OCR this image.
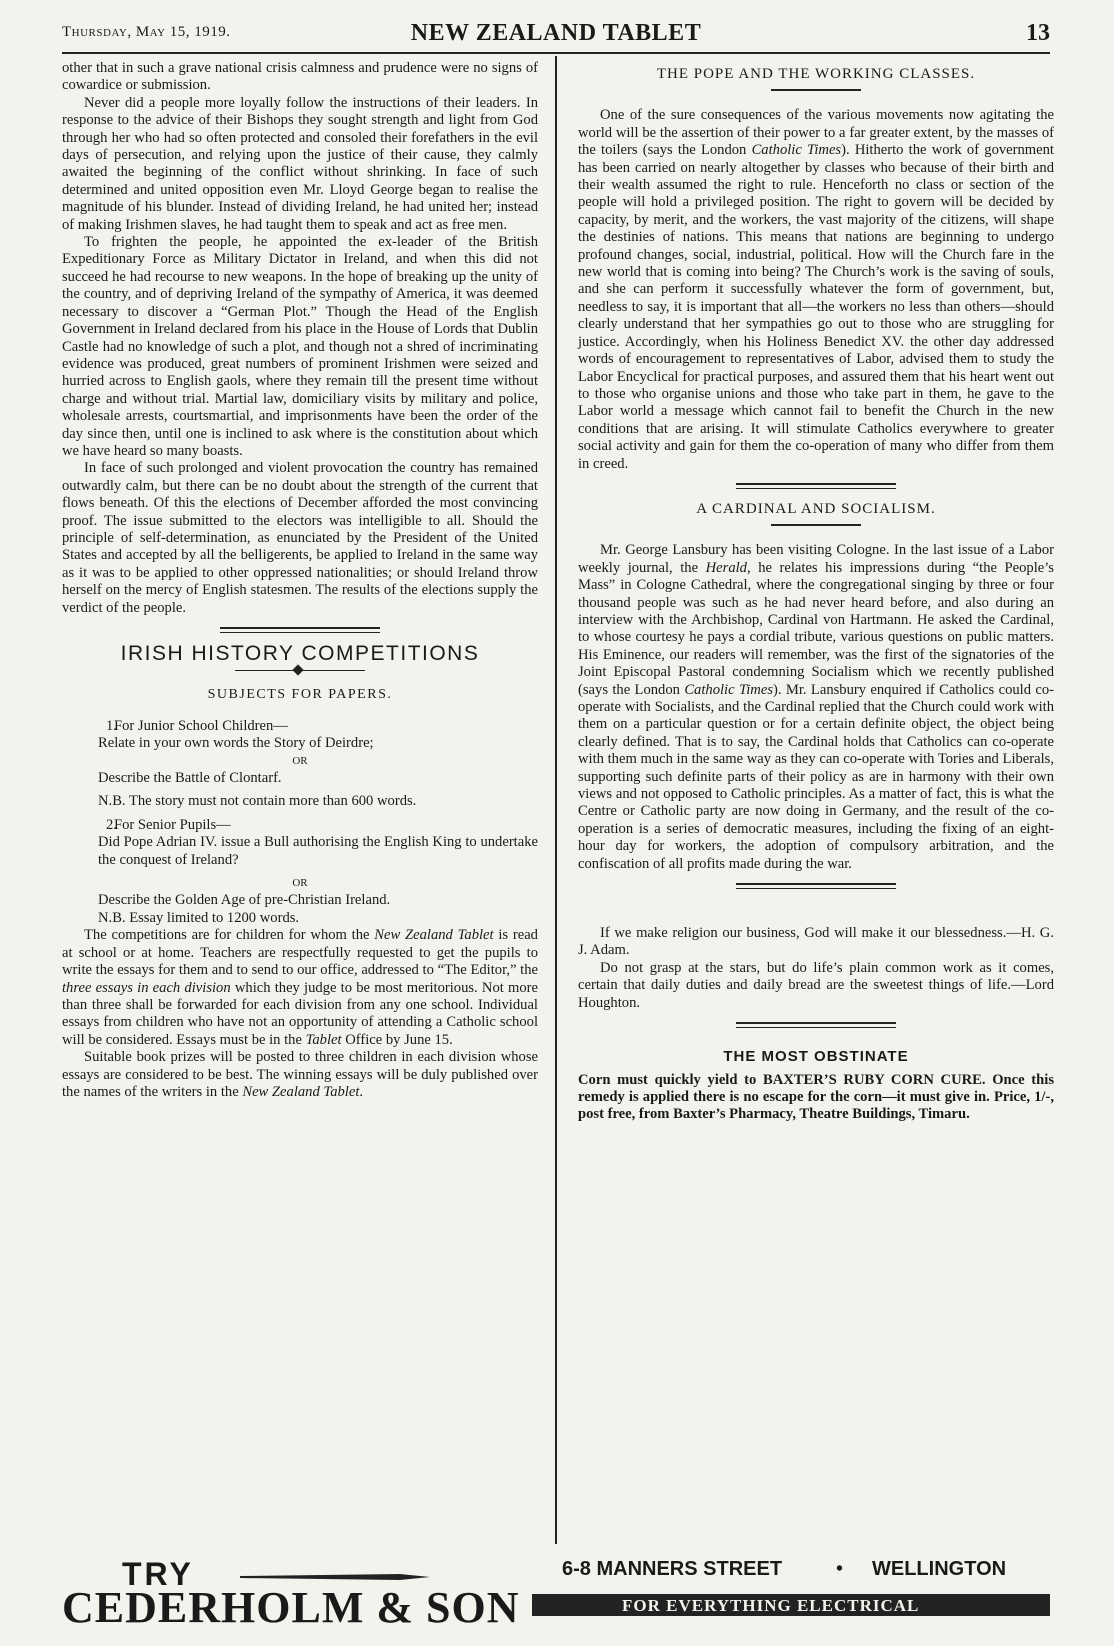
Thursday, May 15, 1919.	NEW ZEALAND TABLET	13

other that in such a grave national crisis calmness and prudence were no signs of cowardice or submission.

Never did a people more loyally follow the instructions of their leaders. In response to the advice of their Bishops they sought strength and light from God through her who had so often protected and consoled their forefathers in the evil days of persecution, and relying upon the justice of their cause, they calmly awaited the beginning of the conflict without shrinking. In face of such determined and united opposition even Mr. Lloyd George began to realise the magnitude of his blunder. Instead of dividing Ireland, he had united her; instead of making Irishmen slaves, he had taught them to speak and act as free men.

To frighten the people, he appointed the ex-leader of the British Expeditionary Force as Military Dictator in Ireland, and when this did not succeed he had recourse to new weapons. In the hope of breaking up the unity of the country, and of depriving Ireland of the sympathy of America, it was deemed necessary to discover a “German Plot.” Though the Head of the English Government in Ireland declared from his place in the House of Lords that Dublin Castle had no knowledge of such a plot, and though not a shred of incriminating evidence was produced, great numbers of prominent Irishmen were seized and hurried across to English gaols, where they remain till the present time without charge and without trial. Martial law, domiciliary visits by military and police, wholesale arrests, courtsmartial, and imprisonments have been the order of the day since then, until one is inclined to ask where is the constitution about which we have heard so many boasts.

In face of such prolonged and violent provocation the country has remained outwardly calm, but there can be no doubt about the strength of the current that flows beneath. Of this the elections of December afforded the most convincing proof. The issue submitted to the electors was intelligible to all. Should the principle of self-determination, as enunciated by the President of the United States and accepted by all the belligerents, be applied to Ireland in the same way as it was to be applied to other oppressed nationalities; or should Ireland throw herself on the mercy of English statesmen. The results of the elections supply the verdict of the people.

IRISH HISTORY COMPETITIONS
SUBJECTS FOR PAPERS.

1.For Junior School Children—

Relate in your own words the Story of Deirdre;

OR

Describe the Battle of Clontarf.

N.B. The story must not contain more than 600 words.

2.For Senior Pupils—

Did Pope Adrian IV. issue a Bull authorising the English King to undertake the conquest of Ireland?

OR

Describe the Golden Age of pre-Christian Ireland.

N.B. Essay limited to 1200 words.

The competitions are for children for whom the New Zealand Tablet is read at school or at home. Teachers are respectfully requested to get the pupils to write the essays for them and to send to our office, addressed to “The Editor,” the three essays in each division which they judge to be most meritorious. Not more than three shall be forwarded for each division from any one school. Individual essays from children who have not an opportunity of attending a Catholic school will be considered. Essays must be in the Tablet Office by June 15.

Suitable book prizes will be posted to three children in each division whose essays are considered to be best. The winning essays will be duly published over the names of the writers in the New Zealand Tablet.

THE POPE AND THE WORKING CLASSES.

One of the sure consequences of the various movements now agitating the world will be the assertion of their power to a far greater extent, by the masses of the toilers (says the London Catholic Times). Hitherto the work of government has been carried on nearly altogether by classes who because of their birth and their wealth assumed the right to rule. Henceforth no class or section of the people will hold a privileged position. The right to govern will be decided by capacity, by merit, and the workers, the vast majority of the citizens, will shape the destinies of nations. This means that nations are beginning to undergo profound changes, social, industrial, political. How will the Church fare in the new world that is coming into being? The Church’s work is the saving of souls, and she can perform it successfully whatever the form of government, but, needless to say, it is important that all—the workers no less than others—should clearly understand that her sympathies go out to those who are struggling for justice. Accordingly, when his Holiness Benedict XV. the other day addressed words of encouragement to representatives of Labor, advised them to study the Labor Encyclical for practical purposes, and assured them that his heart went out to those who organise unions and those who take part in them, he gave to the Labor world a message which cannot fail to benefit the Church in the new conditions that are arising. It will stimulate Catholics everywhere to greater social activity and gain for them the co-operation of many who differ from them in creed.

A CARDINAL AND SOCIALISM.

Mr. George Lansbury has been visiting Cologne. In the last issue of a Labor weekly journal, the Herald, he relates his impressions during “the People’s Mass” in Cologne Cathedral, where the congregational singing by three or four thousand people was such as he had never heard before, and also during an interview with the Archbishop, Cardinal von Hartmann. He asked the Cardinal, to whose courtesy he pays a cordial tribute, various questions on public matters. His Eminence, our readers will remember, was the first of the signatories of the Joint Episcopal Pastoral condemning Socialism which we recently published (says the London Catholic Times). Mr. Lansbury enquired if Catholics could co-operate with Socialists, and the Cardinal replied that the Church could work with them on a particular question or for a certain definite object, the object being clearly defined. That is to say, the Cardinal holds that Catholics can co-operate with them much in the same way as they can co-operate with Tories and Liberals, supporting such definite parts of their policy as are in harmony with their own views and not opposed to Catholic principles. As a matter of fact, this is what the Centre or Catholic party are now doing in Germany, and the result of the co-operation is a series of democratic measures, including the fixing of an eight-hour day for workers, the adoption of compulsory arbitration, and the confiscation of all profits made during the war.

If we make religion our business, God will make it our blessedness.—H. G. J. Adam.

Do not grasp at the stars, but do life’s plain common work as it comes, certain that daily duties and daily bread are the sweetest things of life.—Lord Houghton.

THE MOST OBSTINATE

Corn must quickly yield to BAXTER’S RUBY CORN CURE. Once this remedy is applied there is no escape for the corn—it must give in. Price, 1/-, post free, from Baxter’s Pharmacy, Theatre Buildings, Timaru.

TRY
CEDERHOLM & SON
6-8 MANNERS STREET	• WELLINGTON
FOR EVERYTHING ELECTRICAL
